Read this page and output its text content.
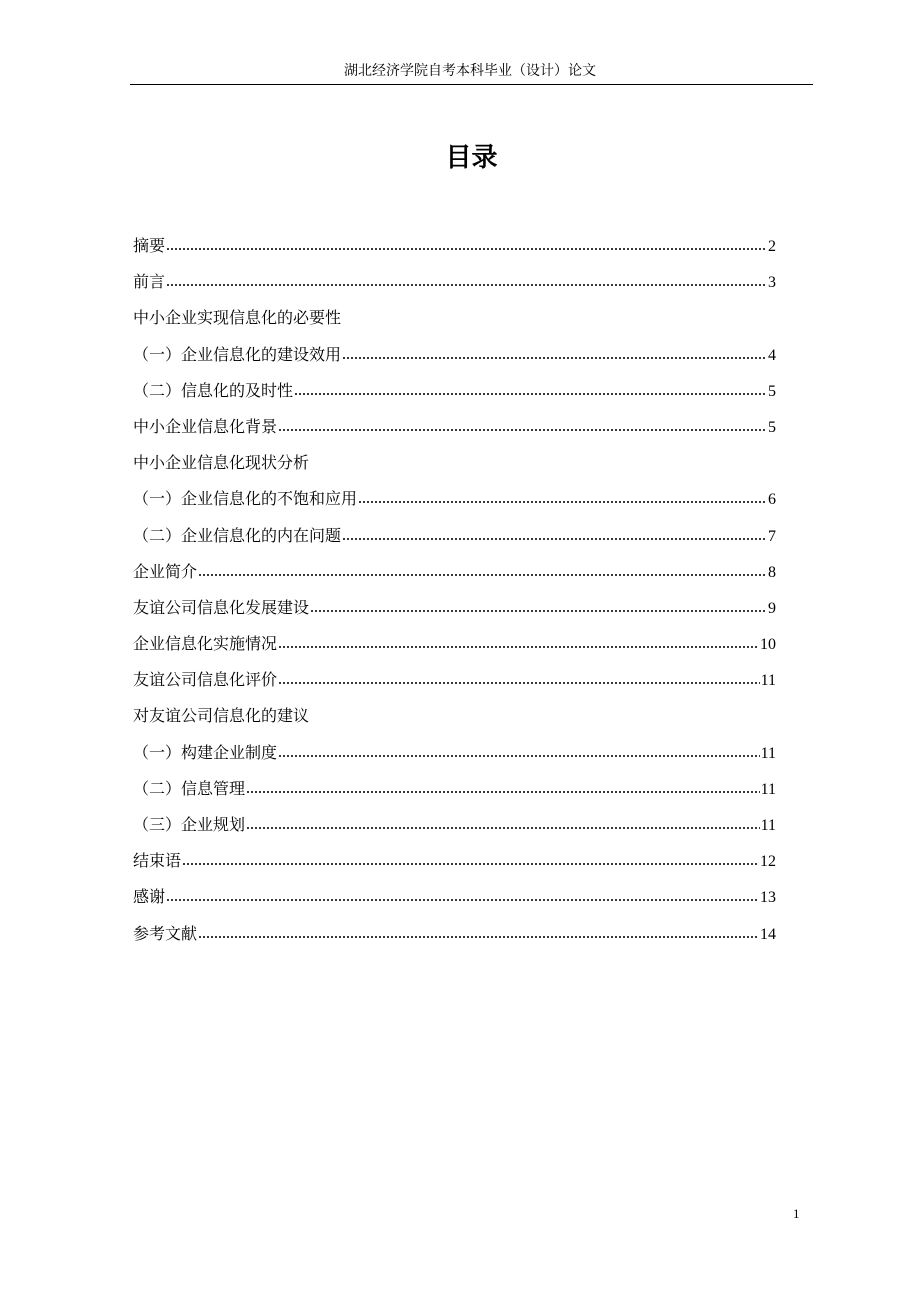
湖北经济学院自考本科毕业（设计）论文
目录
摘要	2
前言	3
中小企业实现信息化的必要性
（一）企业信息化的建设效用	4
（二）信息化的及时性	5
中小企业信息化背景	5
中小企业信息化现状分析
（一）企业信息化的不饱和应用	6
（二）企业信息化的内在问题	7
企业简介	8
友谊公司信息化发展建设	9
企业信息化实施情况	10
友谊公司信息化评价	11
对友谊公司信息化的建议
（一）构建企业制度	11
（二）信息管理	11
（三）企业规划	11
结束语	12
感谢	13
参考文献	14
1
